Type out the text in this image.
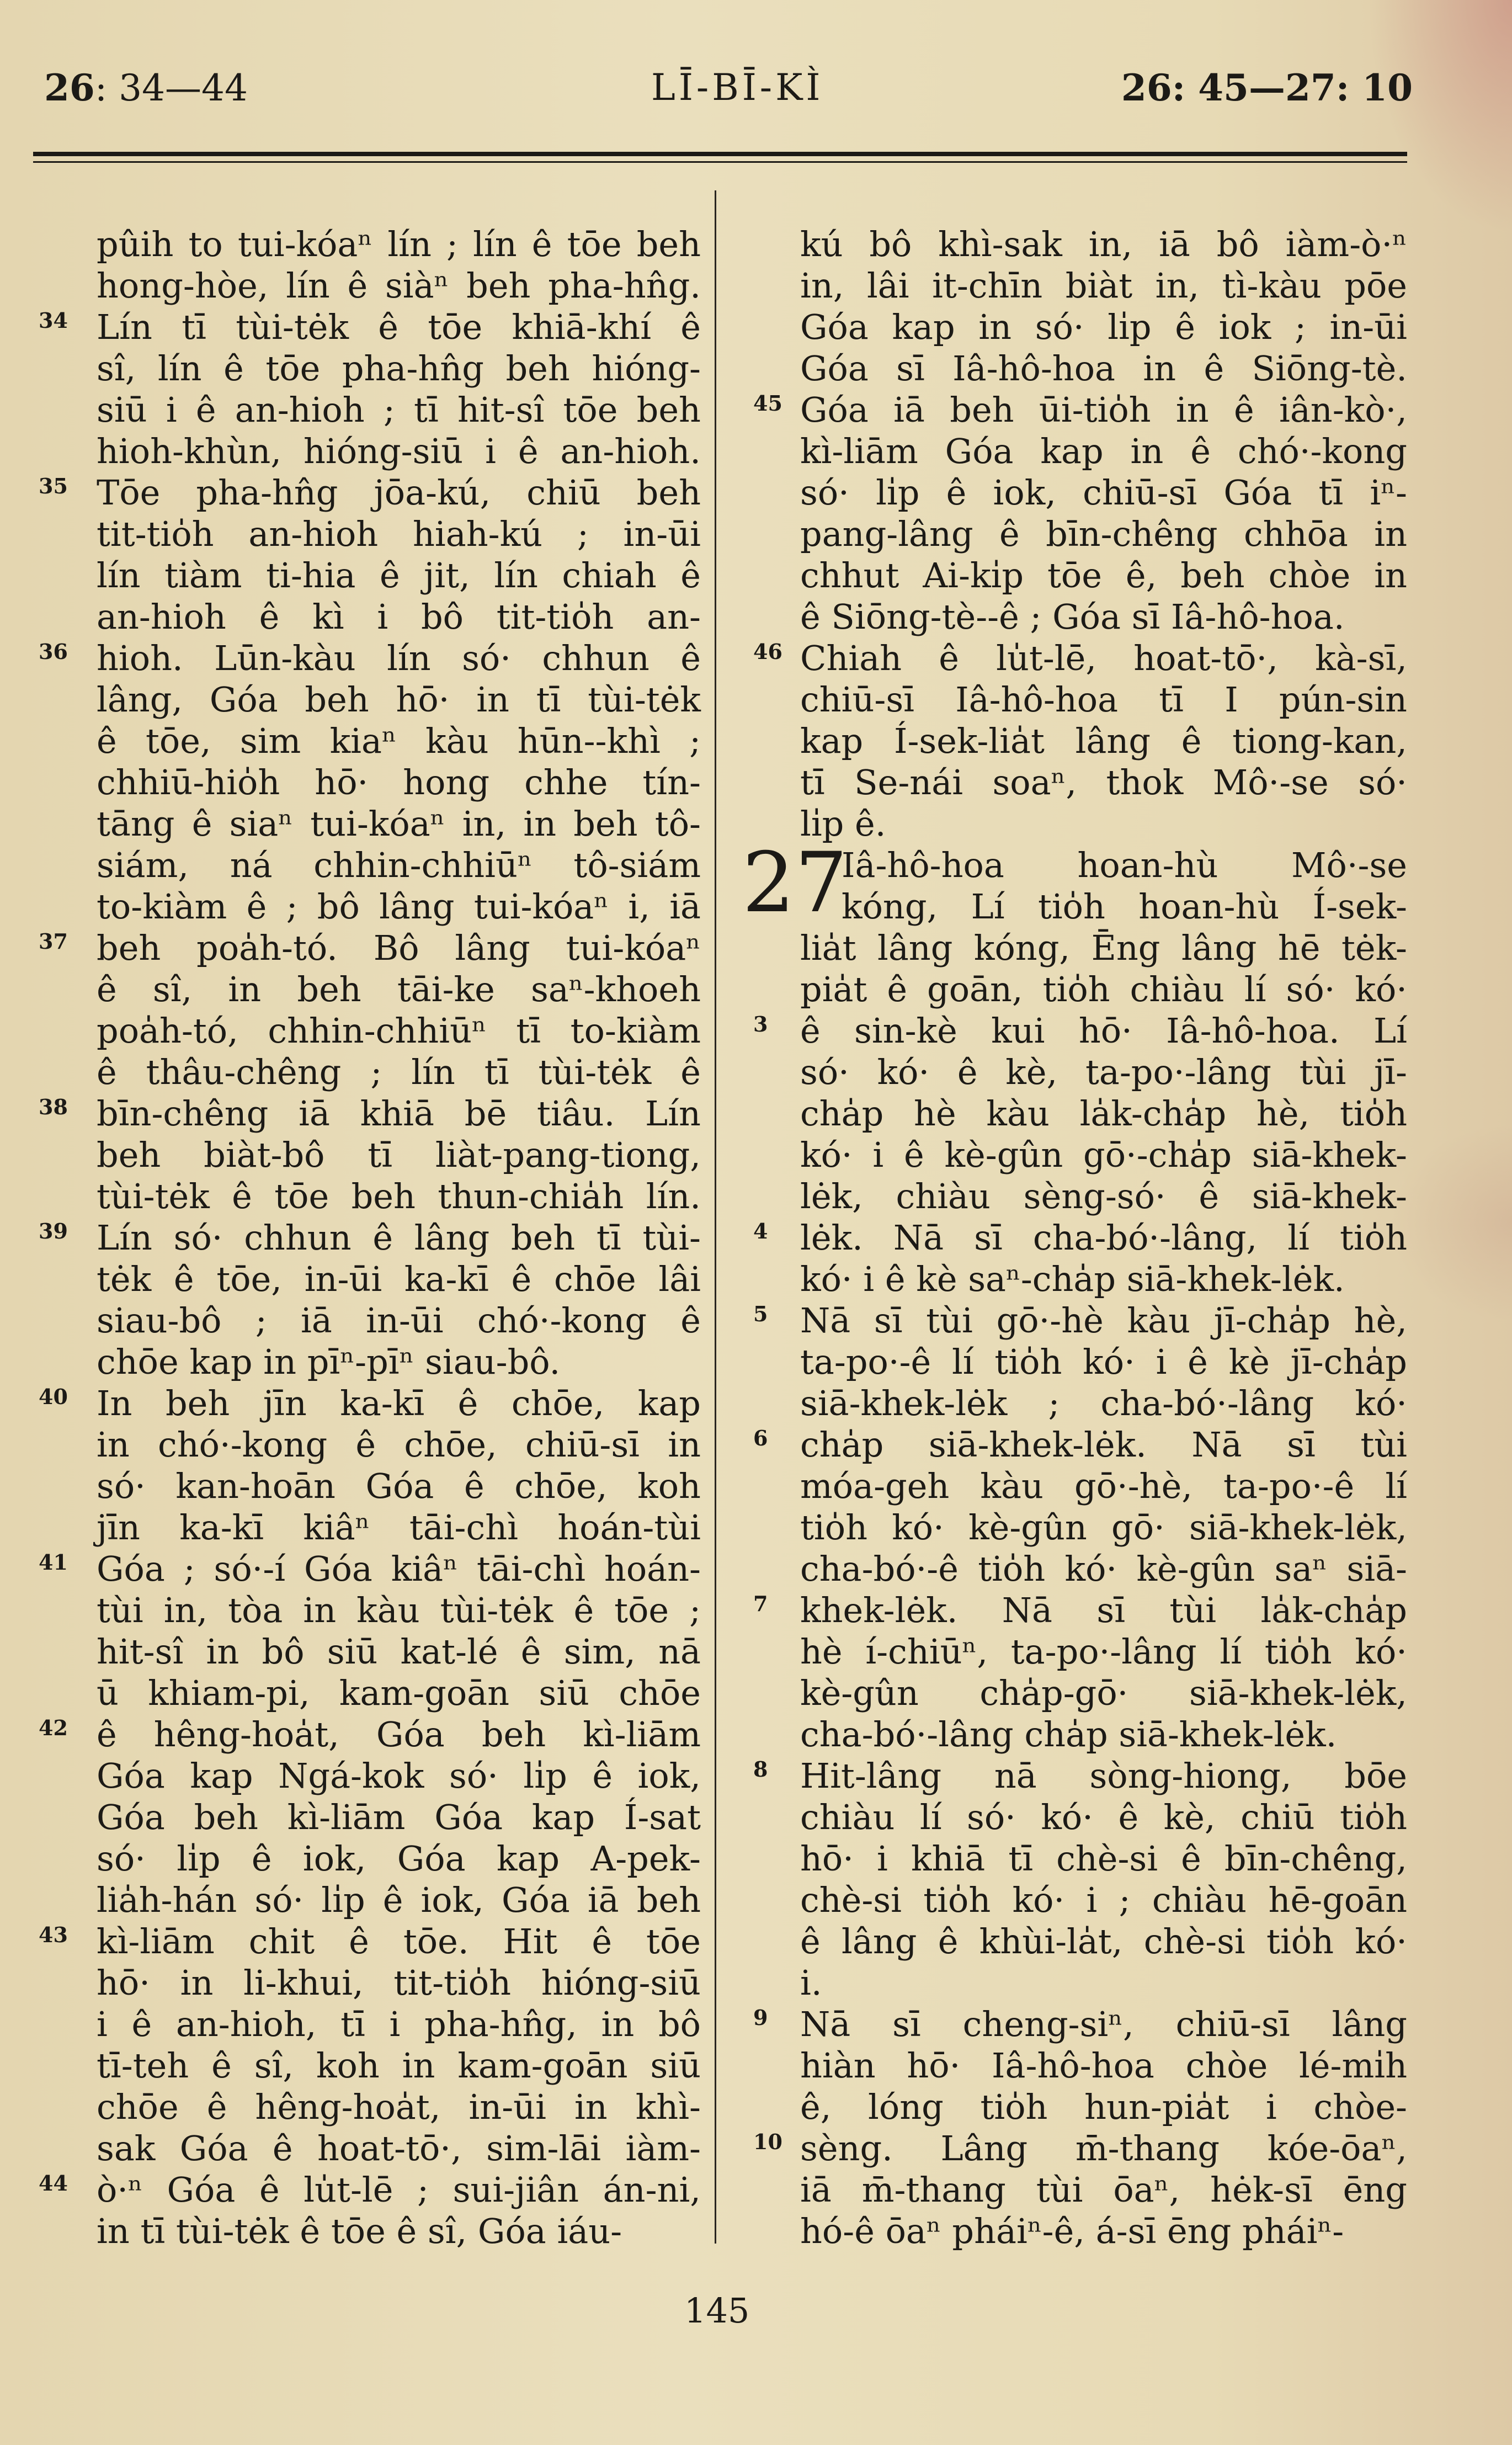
26: 34—44	LĪ-BĪ-KÌ	26: 45—27: 10
pûih to tui-kóaⁿ lín ; lín ê tōe beh
hong-hòe, lín ê siàⁿ beh pha-hn̂g.
34 Lín tī tùi-tėk ê tōe khiā-khí ê
sî, lín ê tōe pha-hn̂g beh hióng-
siū i ê an-hioh ; tī hit-sî tōe beh
hioh-khùn, hióng-siū i ê an-hioh.
35 Tōe pha-hn̂g jōa-kú, chiū beh
tit-tio̍h an-hioh hiah-kú ; in-ūi
lín tiàm ti-hia ê jit, lín chiah ê
an-hioh ê kì i bô tit-tio̍h an-
36 hioh. Lūn-kàu lín só· chhun ê
lâng, Góa beh hō· in tī tùi-tėk
ê tōe, sim kiaⁿ kàu hūn--khì ;
chhiū-hio̍h hō· hong chhe tín-
tāng ê siaⁿ tui-kóaⁿ in, in beh tô-
siám, ná chhin-chhiūⁿ tô-siám
to-kiàm ê ; bô lâng tui-kóaⁿ i, iā
37 beh poa̍h-tó. Bô lâng tui-kóaⁿ
ê sî, in beh tāi-ke saⁿ-khoeh
poa̍h-tó, chhin-chhiūⁿ tī to-kiàm
ê thâu-chêng ; lín tī tùi-tėk ê
38 bīn-chêng iā khiā bē tiâu. Lín
beh biàt-bô tī liàt-pang-tiong,
tùi-tėk ê tōe beh thun-chia̍h lín.
39 Lín só· chhun ê lâng beh tī tùi-
tėk ê tōe, in-ūi ka-kī ê chōe lâi
siau-bô ; iā in-ūi chó·-kong ê
chōe kap in pīⁿ-pīⁿ siau-bô.
40 In beh jīn ka-kī ê chōe, kap
in chó·-kong ê chōe, chiū-sī in
só· kan-hoān Góa ê chōe, koh
jīn ka-kī kiâⁿ tāi-chì hoán-tùi
41 Góa ; só·-í Góa kiâⁿ tāi-chì hoán-
tùi in, tòa in kàu tùi-tėk ê tōe ;
hit-sî in bô siū kat-lé ê sim, nā
ū khiam-pi, kam-goān siū chōe
42 ê hêng-hoa̍t, Góa beh kì-liām
Góa kap Ngá-kok só· li̍p ê iok,
Góa beh kì-liām Góa kap Í-sat
só· li̍p ê iok, Góa kap A-pek-
lia̍h-hán só· li̍p ê iok, Góa iā beh
43 kì-liām chit ê tōe. Hit ê tōe
hō· in li-khui, tit-tio̍h hióng-siū
i ê an-hioh, tī i pha-hn̂g, in bô
tī-teh ê sî, koh in kam-goān siū
chōe ê hêng-hoa̍t, in-ūi in khì-
sak Góa ê hoat-tō·, sim-lāi iàm-
44 ò·ⁿ Góa ê lu̍t-lē ; sui-jiân án-ni,
in tī tùi-tėk ê tōe ê sî, Góa iáu-
27
kú bô khì-sak in, iā bô iàm-ò·ⁿ
in, lâi it-chīn biàt in, tì-kàu pōe
Góa kap in só· li̍p ê iok ; in-ūi
Góa sī Iâ-hô-hoa in ê Siōng-tè.
45 Góa iā beh ūi-tio̍h in ê iân-kò·,
kì-liām Góa kap in ê chó·-kong
só· li̍p ê iok, chiū-sī Góa tī iⁿ-
pang-lâng ê bīn-chêng chhōa in
chhut Ai-ki̍p tōe ê, beh chòe in
ê Siōng-tè--ê ; Góa sī Iâ-hô-hoa.
46 Chiah ê lu̍t-lē, hoat-tō·, kà-sī,
chiū-sī Iâ-hô-hoa tī I pún-sin
kap Í-sek-lia̍t lâng ê tiong-kan,
tī Se-nái soaⁿ, thok Mô·-se só·
li̍p ê.
Iâ-hô-hoa hoan-hù Mô·-se
kóng, Lí tio̍h hoan-hù Í-sek-
lia̍t lâng kóng, Ēng lâng hē tėk-
pia̍t ê goān, tio̍h chiàu lí só· kó·
3 ê sin-kè kui hō· Iâ-hô-hoa. Lí
só· kó· ê kè, ta-po·-lâng tùi jī-
cha̍p hè kàu la̍k-cha̍p hè, tio̍h
kó· i ê kè-gûn gō·-cha̍p siā-khek-
lėk, chiàu sèng-só· ê siā-khek-
4 lėk. Nā sī cha-bó·-lâng, lí tio̍h
kó· i ê kè saⁿ-cha̍p siā-khek-lėk.
5 Nā sī tùi gō·-hè kàu jī-cha̍p hè,
ta-po·-ê lí tio̍h kó· i ê kè jī-cha̍p
siā-khek-lėk ; cha-bó·-lâng kó·
6 cha̍p siā-khek-lėk. Nā sī tùi
móa-geh kàu gō·-hè, ta-po·-ê lí
tio̍h kó· kè-gûn gō· siā-khek-lėk,
cha-bó·-ê tio̍h kó· kè-gûn saⁿ siā-
7 khek-lėk. Nā sī tùi la̍k-cha̍p
hè í-chiūⁿ, ta-po·-lâng lí tio̍h kó·
kè-gûn cha̍p-gō· siā-khek-lėk,
cha-bó·-lâng cha̍p siā-khek-lėk.
8 Hit-lâng nā sòng-hiong, bōe
chiàu lí só· kó· ê kè, chiū tio̍h
hō· i khiā tī chè-si ê bīn-chêng,
chè-si tio̍h kó· i ; chiàu hē-goān
ê lâng ê khùi-la̍t, chè-si tio̍h kó·
i.
9 Nā sī cheng-siⁿ, chiū-sī lâng
hiàn hō· Iâ-hô-hoa chòe lé-mi̍h
ê, lóng tio̍h hun-pia̍t i chòe-
10 sèng. Lâng m̄-thang kóe-ōaⁿ,
iā m̄-thang tùi ōaⁿ, hėk-sī ēng
hó-ê ōaⁿ pháiⁿ-ê, á-sī ēng pháiⁿ-
145
